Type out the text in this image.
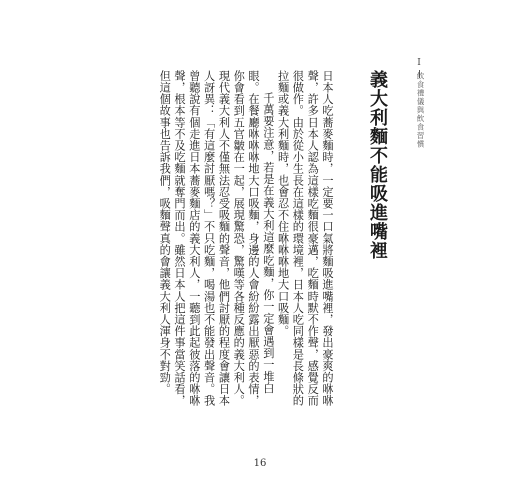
I
飲食禮儀與飲食習慣
義大利麵不能吸進嘴裡

日本人吃蕎麥麵時，一定要一口氣將麵吸進嘴裡，發出豪爽的咻咻聲，許多日本人認為這樣吃麵很豪邁，吃麵時默不作聲，感覺反而很做作。由於從小生長在這樣的環境裡，日本人吃同樣是長條狀的拉麵或義大利麵時，也會忍不住咻咻咻地大口吸麵。

千萬要注意，若是在義大利這麼吃麵，你一定會遇到一堆白眼。在餐廳咻咻咻地大口吸麵，身邊的人會紛紛露出厭惡的表情，你會看到五官皺在一起，展現驚恐，驚嘆等各種反應的義大利人。現代義大利人不僅無法忍受吸麵的聲音，他們討厭的程度會讓日本人訝異：「有這麼討厭嗎？」不只吃麵，喝湯也不能發出聲音。我曾聽說有個走進日本蕎麥麵店的義大利人，一聽到此起彼落的咻咻聲，根本等不及吃麵就奪門而出。雖然日本人把這件事當笑話看，但這個故事也告訴我們，吸麵聲真的會讓義大利人渾身不對勁。

16
